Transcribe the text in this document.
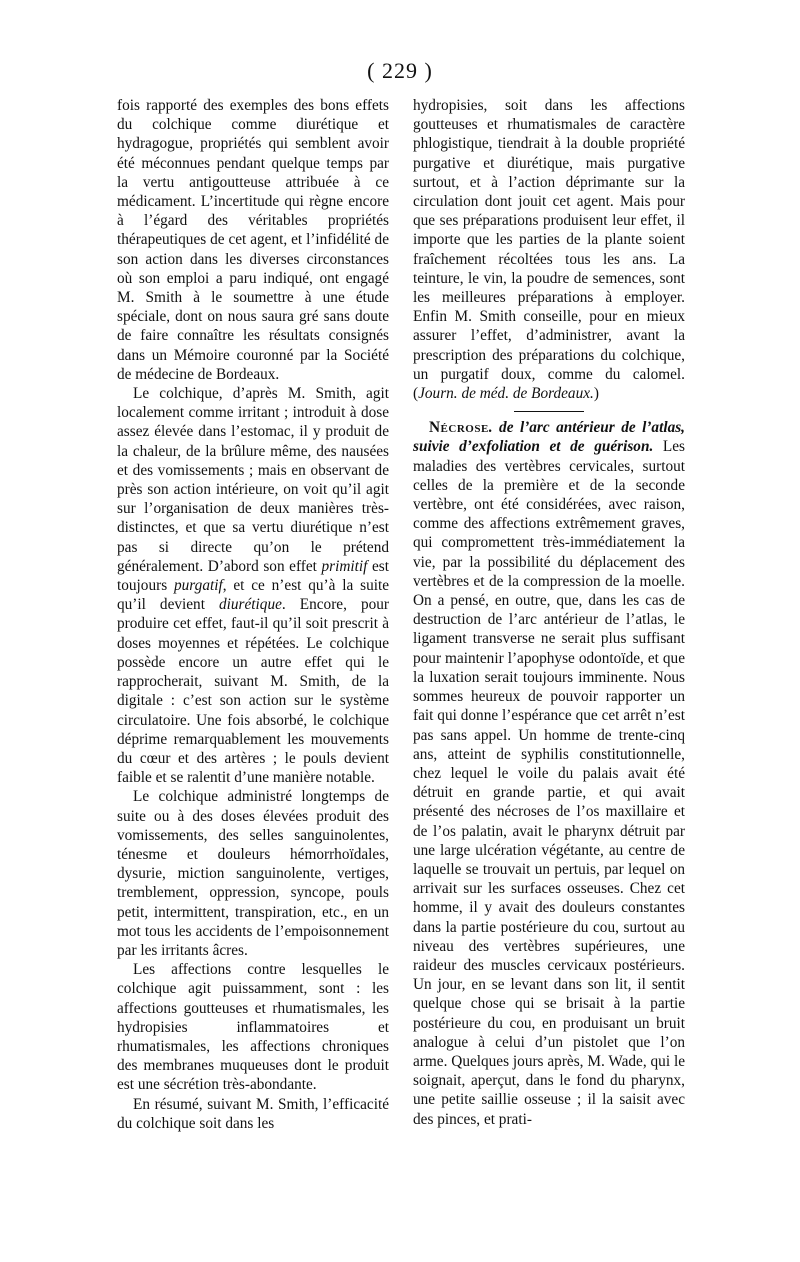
( 229 )

fois rapporté des exemples des bons effets du colchique comme diurétique et hydragogue, propriétés qui semblent avoir été méconnues pendant quelque temps par la vertu antigoutteuse attribuée à ce médicament. L’incertitude qui règne encore à l’égard des véritables propriétés thérapeutiques de cet agent, et l’infidélité de son action dans les diverses circonstances où son emploi a paru indiqué, ont engagé M. Smith à le soumettre à une étude spéciale, dont on nous saura gré sans doute de faire connaître les résultats consignés dans un Mémoire couronné par la Société de médecine de Bordeaux.

Le colchique, d’après M. Smith, agit localement comme irritant ; introduit à dose assez élevée dans l’estomac, il y produit de la chaleur, de la brûlure même, des nausées et des vomissements ; mais en observant de près son action intérieure, on voit qu’il agit sur l’organisation de deux manières très-distinctes, et que sa vertu diurétique n’est pas si directe qu’on le prétend généralement. D’abord son effet primitif est toujours purgatif, et ce n’est qu’à la suite qu’il devient diurétique. Encore, pour produire cet effet, faut-il qu’il soit prescrit à doses moyennes et répétées. Le colchique possède encore un autre effet qui le rapprocherait, suivant M. Smith, de la digitale : c’est son action sur le système circulatoire. Une fois absorbé, le colchique déprime remarquablement les mouvements du cœur et des artères ; le pouls devient faible et se ralentit d’une manière notable.

Le colchique administré longtemps de suite ou à des doses élevées produit des vomissements, des selles sanguinolentes, ténesme et douleurs hémorrhoïdales, dysurie, miction sanguinolente, vertiges, tremblement, oppression, syncope, pouls petit, intermittent, transpiration, etc., en un mot tous les accidents de l’empoisonnement par les irritants âcres.

Les affections contre lesquelles le colchique agit puissamment, sont : les affections goutteuses et rhumatismales, les hydropisies inflammatoires et rhumatismales, les affections chroniques des membranes muqueuses dont le produit est une sécrétion très-abondante.

En résumé, suivant M. Smith, l’efficacité du colchique soit dans les

hydropisies, soit dans les affections goutteuses et rhumatismales de caractère phlogistique, tiendrait à la double propriété purgative et diurétique, mais purgative surtout, et à l’action déprimante sur la circulation dont jouit cet agent. Mais pour que ses préparations produisent leur effet, il importe que les parties de la plante soient fraîchement récoltées tous les ans. La teinture, le vin, la poudre de semences, sont les meilleures préparations à employer. Enfin M. Smith conseille, pour en mieux assurer l’effet, d’administrer, avant la prescription des préparations du colchique, un purgatif doux, comme du calomel. (Journ. de méd. de Bordeaux.)

Nécrose. de l’arc antérieur de l’atlas, suivie d’exfoliation et de guérison. Les maladies des vertèbres cervicales, surtout celles de la première et de la seconde vertèbre, ont été considérées, avec raison, comme des affections extrêmement graves, qui compromettent très-immédiatement la vie, par la possibilité du déplacement des vertèbres et de la compression de la moelle. On a pensé, en outre, que, dans les cas de destruction de l’arc antérieur de l’atlas, le ligament transverse ne serait plus suffisant pour maintenir l’apophyse odontoïde, et que la luxation serait toujours imminente. Nous sommes heureux de pouvoir rapporter un fait qui donne l’espérance que cet arrêt n’est pas sans appel. Un homme de trente-cinq ans, atteint de syphilis constitutionnelle, chez lequel le voile du palais avait été détruit en grande partie, et qui avait présenté des nécroses de l’os maxillaire et de l’os palatin, avait le pharynx détruit par une large ulcération végétante, au centre de laquelle se trouvait un pertuis, par lequel on arrivait sur les surfaces osseuses. Chez cet homme, il y avait des douleurs constantes dans la partie postérieure du cou, surtout au niveau des vertèbres supérieures, une raideur des muscles cervicaux postérieurs. Un jour, en se levant dans son lit, il sentit quelque chose qui se brisait à la partie postérieure du cou, en produisant un bruit analogue à celui d’un pistolet que l’on arme. Quelques jours après, M. Wade, qui le soignait, aperçut, dans le fond du pharynx, une petite saillie osseuse ; il la saisit avec des pinces, et prati-
